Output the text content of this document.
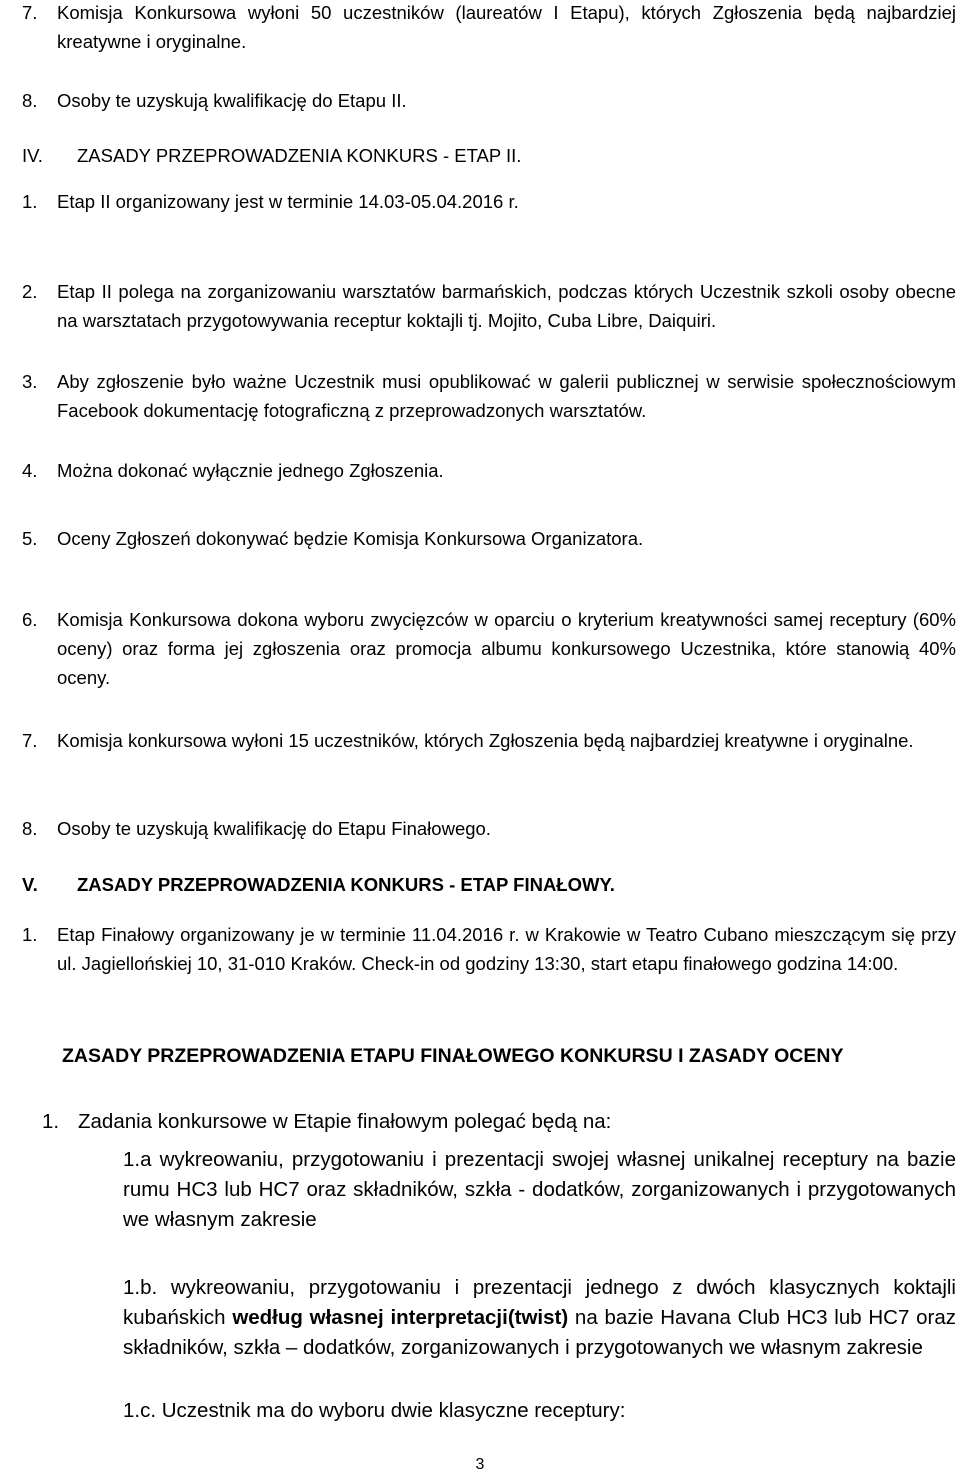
7. Komisja Konkursowa wyłoni 50 uczestników (laureatów I Etapu), których Zgłoszenia będą najbardziej kreatywne i oryginalne.
8. Osoby te uzyskują kwalifikację do Etapu II.
IV. ZASADY PRZEPROWADZENIA KONKURS - ETAP II.
1. Etap II organizowany jest w terminie 14.03-05.04.2016 r.
2. Etap II polega na zorganizowaniu warsztatów barmańskich, podczas których Uczestnik szkoli osoby obecne na warsztatach przygotowywania receptur koktajli tj. Mojito, Cuba Libre, Daiquiri.
3. Aby zgłoszenie było ważne Uczestnik musi opublikować w galerii publicznej w serwisie społecznościowym Facebook dokumentację fotograficzną z przeprowadzonych warsztatów.
4. Można dokonać wyłącznie jednego Zgłoszenia.
5. Oceny Zgłoszeń dokonywać będzie Komisja Konkursowa Organizatora.
6. Komisja Konkursowa dokona wyboru zwycięzców w oparciu o kryterium kreatywności samej receptury (60% oceny) oraz forma jej zgłoszenia oraz promocja albumu konkursowego Uczestnika, które stanowią 40% oceny.
7. Komisja konkursowa wyłoni 15 uczestników, których Zgłoszenia będą najbardziej kreatywne i oryginalne.
8. Osoby te uzyskują kwalifikację do Etapu Finałowego.
V. ZASADY PRZEPROWADZENIA KONKURS - ETAP FINAŁOWY.
1. Etap Finałowy organizowany je w terminie 11.04.2016 r. w Krakowie w Teatro Cubano mieszczącym się przy ul. Jagiellońskiej 10, 31-010 Kraków. Check-in od godziny 13:30, start etapu finałowego godzina 14:00.
ZASADY PRZEPROWADZENIA ETAPU FINAŁOWEGO KONKURSU I ZASADY OCENY
1. Zadania konkursowe w Etapie finałowym polegać będą na:
1.a wykreowaniu, przygotowaniu i prezentacji swojej własnej unikalnej receptury na bazie rumu HC3 lub HC7 oraz składników, szkła - dodatków, zorganizowanych i przygotowanych we własnym zakresie
1.b. wykreowaniu, przygotowaniu i prezentacji jednego z dwóch klasycznych koktajli kubańskich według własnej interpretacji(twist) na bazie Havana Club HC3 lub HC7 oraz składników, szkła – dodatków, zorganizowanych i przygotowanych we własnym zakresie
1.c. Uczestnik ma do wyboru dwie klasyczne receptury:
3
